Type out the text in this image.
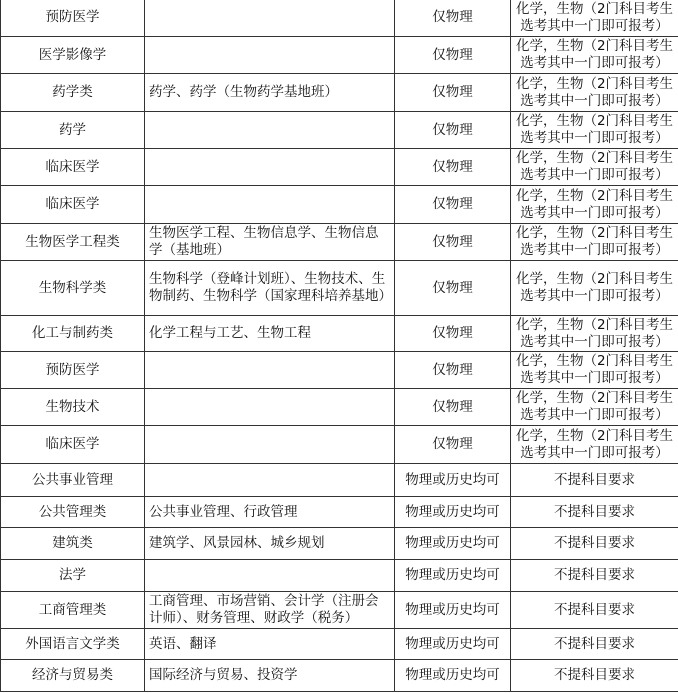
预防医学		仅物理	化学，生物（2门科目考生选考其中一门即可报考）
医学影像学		仅物理	化学，生物（2门科目考生选考其中一门即可报考）
药学类	药学、药学（生物药学基地班）	仅物理	化学，生物（2门科目考生选考其中一门即可报考）
药学		仅物理	化学，生物（2门科目考生选考其中一门即可报考）
临床医学		仅物理	化学，生物（2门科目考生选考其中一门即可报考）
临床医学		仅物理	化学，生物（2门科目考生选考其中一门即可报考）
生物医学工程类	生物医学工程、生物信息学、生物信息学（基地班）	仅物理	化学，生物（2门科目考生选考其中一门即可报考）
生物科学类	生物科学（登峰计划班）、生物技术、生物制药、生物科学（国家理科培养基地）	仅物理	化学，生物（2门科目考生选考其中一门即可报考）
化工与制药类	化学工程与工艺、生物工程	仅物理	化学，生物（2门科目考生选考其中一门即可报考）
预防医学		仅物理	化学，生物（2门科目考生选考其中一门即可报考）
生物技术		仅物理	化学，生物（2门科目考生选考其中一门即可报考）
临床医学		仅物理	化学，生物（2门科目考生选考其中一门即可报考）
公共事业管理		物理或历史均可	不提科目要求
公共管理类	公共事业管理、行政管理	物理或历史均可	不提科目要求
建筑类	建筑学、风景园林、城乡规划	物理或历史均可	不提科目要求
法学		物理或历史均可	不提科目要求
工商管理类	工商管理、市场营销、会计学（注册会计师）、财务管理、财政学（税务）	物理或历史均可	不提科目要求
外国语言文学类	英语、翻译	物理或历史均可	不提科目要求
经济与贸易类	国际经济与贸易、投资学	物理或历史均可	不提科目要求
